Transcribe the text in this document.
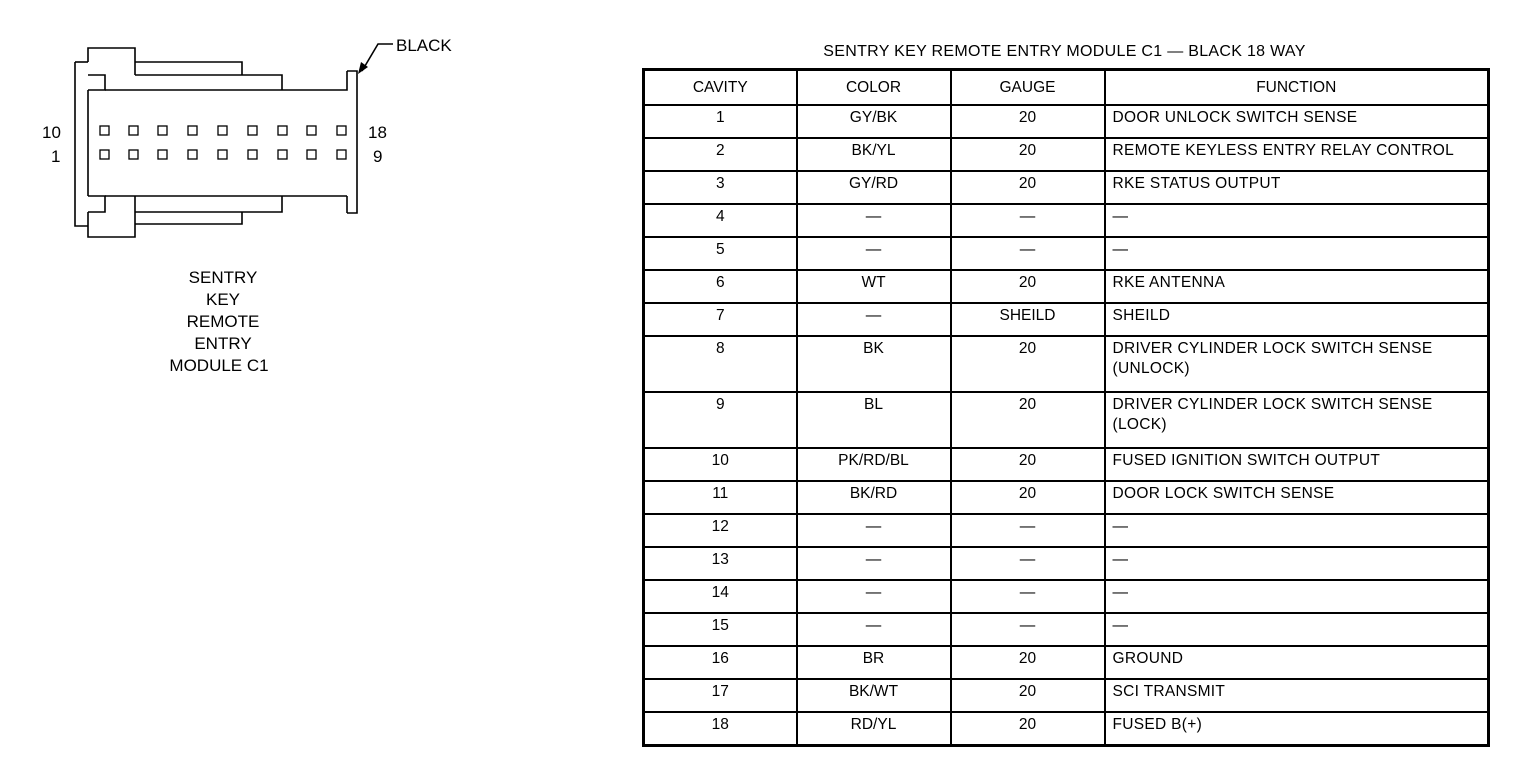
BLACK
10
1
18
9
SENTRY
KEY
REMOTE
ENTRY
MODULE C1
SENTRY KEY REMOTE ENTRY MODULE C1 — BLACK 18 WAY
CAVITY	COLOR	GAUGE	FUNCTION
1	GY/BK	20	DOOR UNLOCK SWITCH SENSE
2	BK/YL	20	REMOTE KEYLESS ENTRY RELAY CONTROL
3	GY/RD	20	RKE STATUS OUTPUT
4	—	—	—
5	—	—	—
6	WT	20	RKE ANTENNA
7	—	SHEILD	SHEILD
8	BK	20	DRIVER CYLINDER LOCK SWITCH SENSE (UNLOCK)
9	BL	20	DRIVER CYLINDER LOCK SWITCH SENSE (LOCK)
10	PK/RD/BL	20	FUSED IGNITION SWITCH OUTPUT
11	BK/RD	20	DOOR LOCK SWITCH SENSE
12	—	—	—
13	—	—	—
14	—	—	—
15	—	—	—
16	BR	20	GROUND
17	BK/WT	20	SCI TRANSMIT
18	RD/YL	20	FUSED B(+)
